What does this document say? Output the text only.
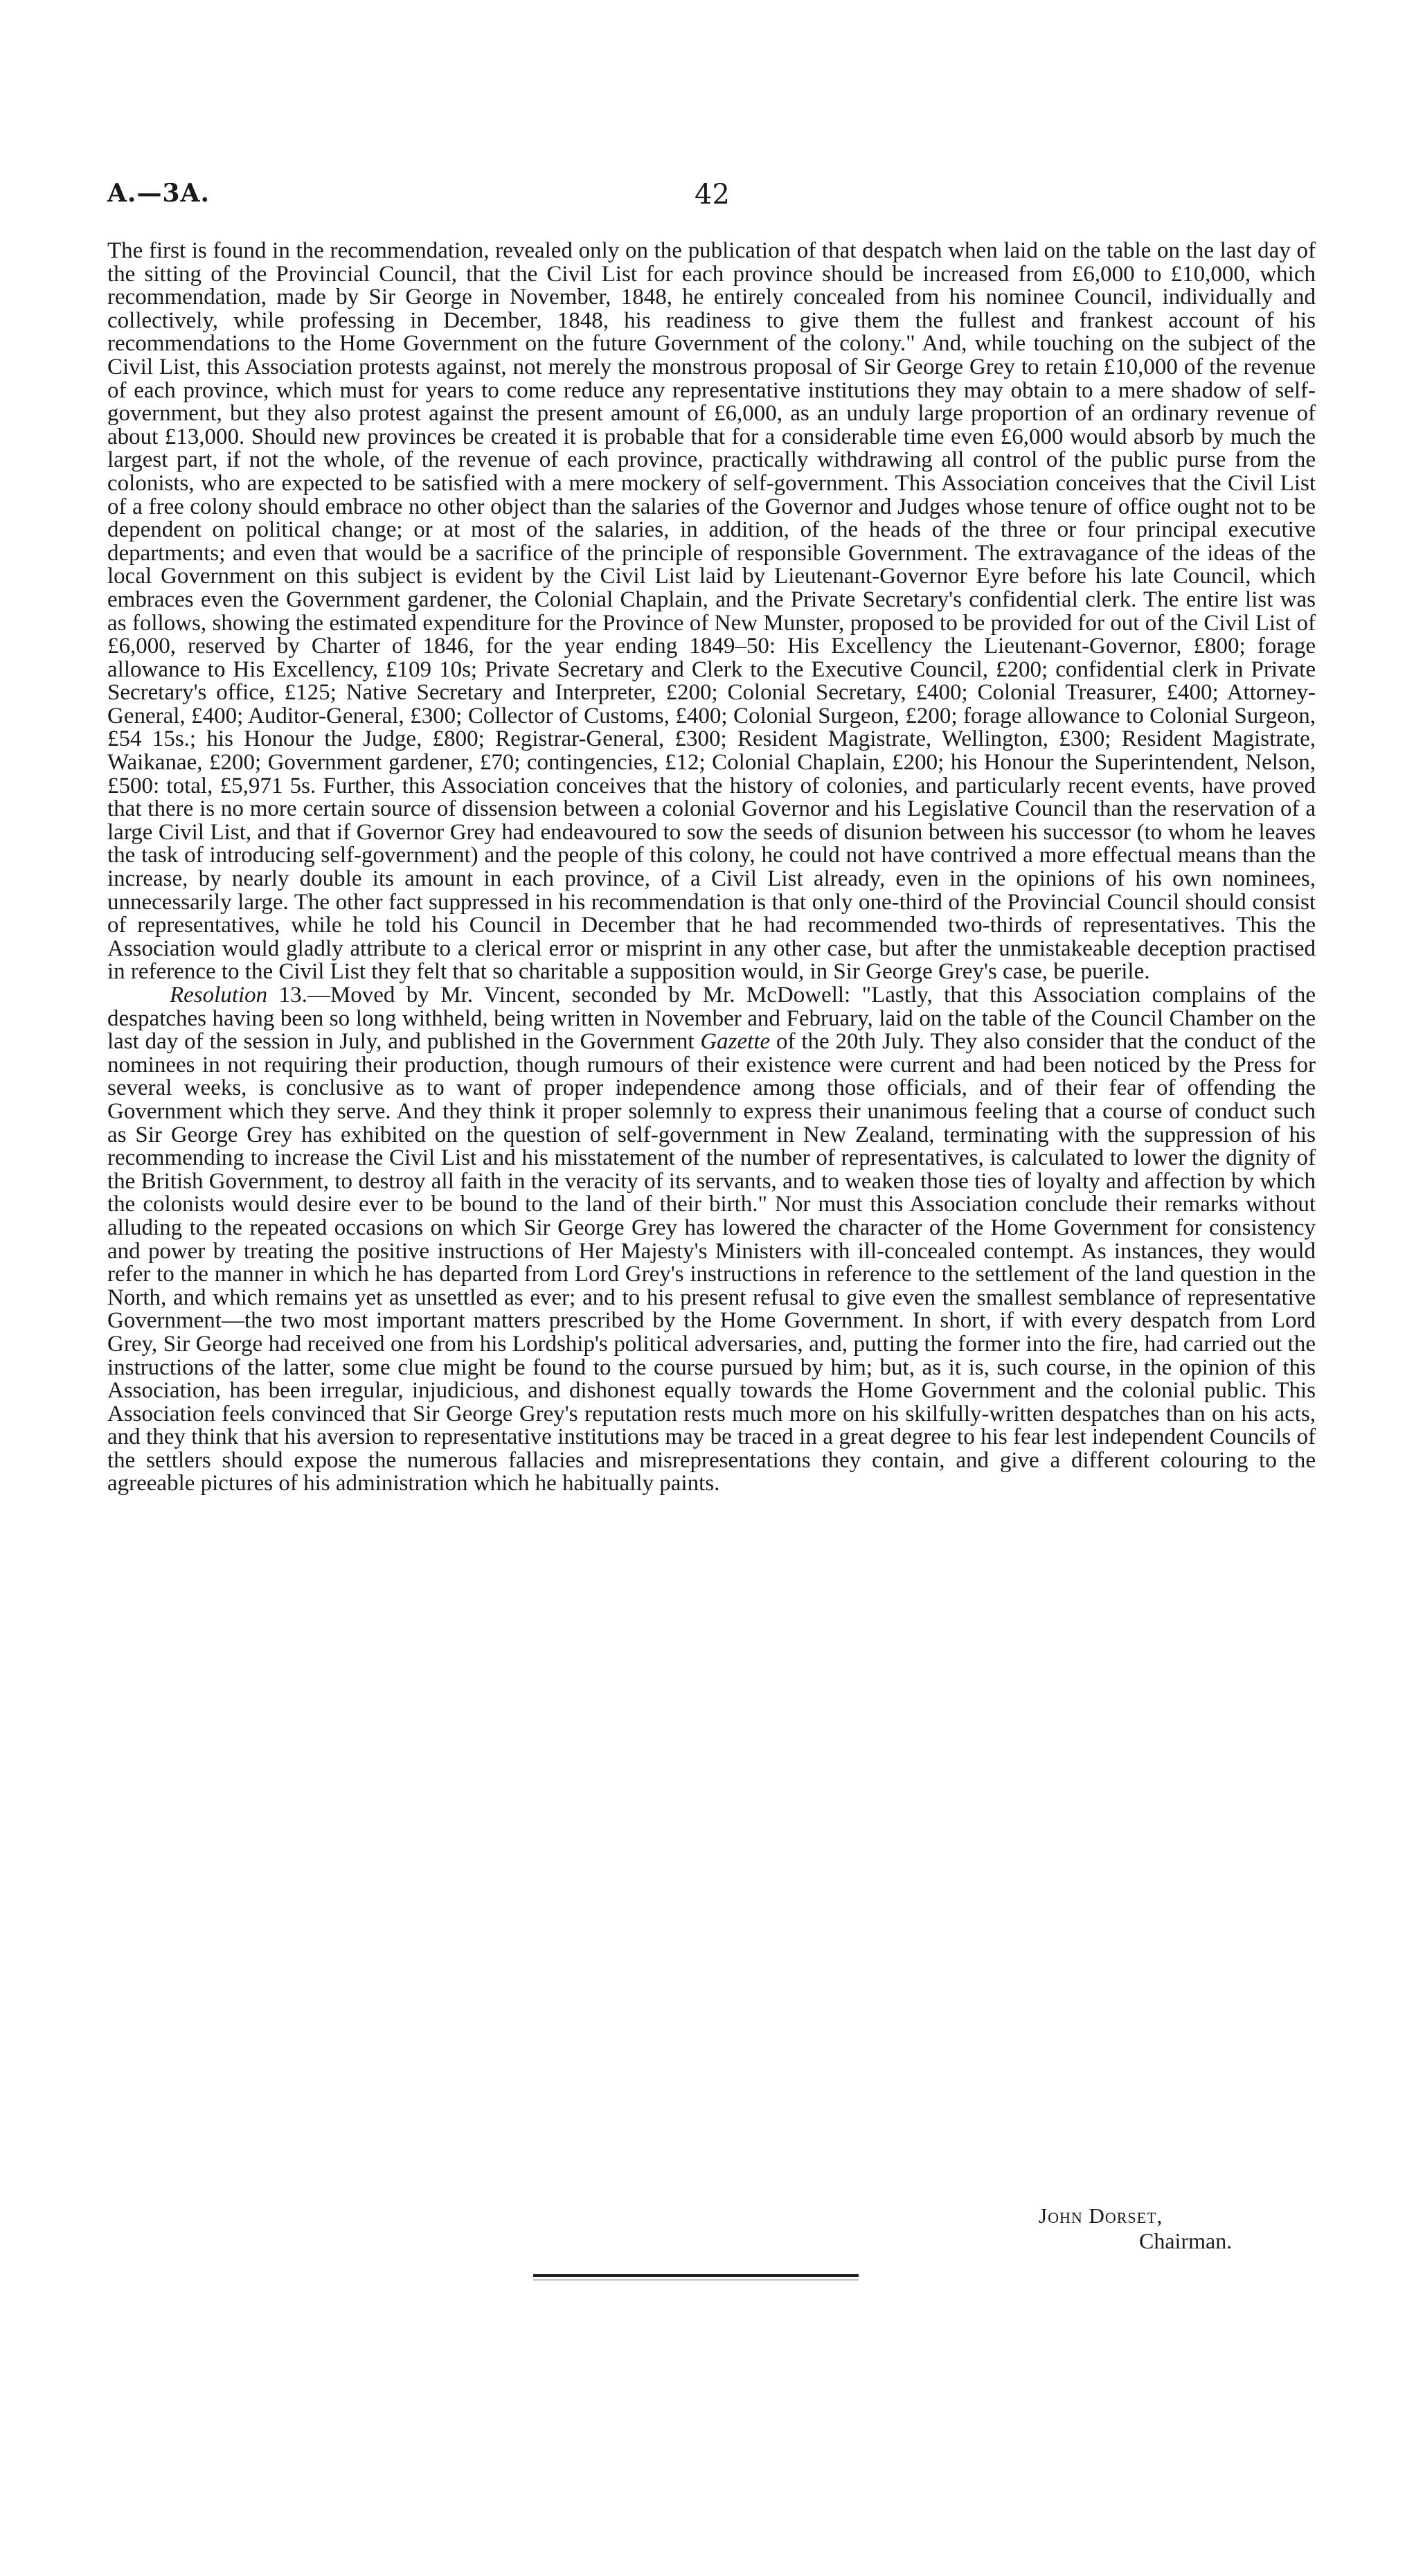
A.—3A.	42

The first is found in the recommendation, revealed only on the publication of that despatch when laid on the table on the last day of the sitting of the Provincial Council, that the Civil List for each province should be increased from £6,000 to £10,000, which recommendation, made by Sir George in November, 1848, he entirely concealed from his nominee Council, individually and collectively, while professing in December, 1848, his readiness to give them the fullest and frankest account of his recommendations to the Home Government on the future Government of the colony." And, while touching on the subject of the Civil List, this Association protests against, not merely the monstrous proposal of Sir George Grey to retain £10,000 of the revenue of each province, which must for years to come reduce any representative institutions they may obtain to a mere shadow of self-government, but they also protest against the present amount of £6,000, as an unduly large proportion of an ordinary revenue of about £13,000. Should new provinces be created it is probable that for a considerable time even £6,000 would absorb by much the largest part, if not the whole, of the revenue of each province, practically withdrawing all control of the public purse from the colonists, who are expected to be satisfied with a mere mockery of self-government. This Association conceives that the Civil List of a free colony should embrace no other object than the salaries of the Governor and Judges whose tenure of office ought not to be dependent on political change; or at most of the salaries, in addition, of the heads of the three or four principal executive departments; and even that would be a sacrifice of the principle of responsible Government. The extravagance of the ideas of the local Government on this subject is evident by the Civil List laid by Lieutenant-Governor Eyre before his late Council, which embraces even the Government gardener, the Colonial Chaplain, and the Private Secretary's confidential clerk. The entire list was as follows, showing the estimated expenditure for the Province of New Munster, proposed to be provided for out of the Civil List of £6,000, reserved by Charter of 1846, for the year ending 1849–50: His Excellency the Lieutenant-Governor, £800; forage allowance to His Excellency, £109 10s; Private Secretary and Clerk to the Executive Council, £200; confidential clerk in Private Secretary's office, £125; Native Secretary and Interpreter, £200; Colonial Secretary, £400; Colonial Treasurer, £400; Attorney-General, £400; Auditor-General, £300; Collector of Customs, £400; Colonial Surgeon, £200; forage allowance to Colonial Surgeon, £54 15s.; his Honour the Judge, £800; Registrar-General, £300; Resident Magistrate, Wellington, £300; Resident Magistrate, Waikanae, £200; Government gardener, £70; contingencies, £12; Colonial Chaplain, £200; his Honour the Superintendent, Nelson, £500: total, £5,971 5s. Further, this Association conceives that the history of colonies, and particularly recent events, have proved that there is no more certain source of dissension between a colonial Governor and his Legislative Council than the reservation of a large Civil List, and that if Governor Grey had endeavoured to sow the seeds of disunion between his successor (to whom he leaves the task of introducing self-government) and the people of this colony, he could not have contrived a more effectual means than the increase, by nearly double its amount in each province, of a Civil List already, even in the opinions of his own nominees, unnecessarily large. The other fact suppressed in his recommendation is that only one-third of the Provincial Council should consist of representatives, while he told his Council in December that he had recommended two-thirds of representatives. This the Association would gladly attribute to a clerical error or misprint in any other case, but after the unmistakeable deception practised in reference to the Civil List they felt that so charitable a supposition would, in Sir George Grey's case, be puerile.

Resolution 13.—Moved by Mr. Vincent, seconded by Mr. McDowell: "Lastly, that this Association complains of the despatches having been so long withheld, being written in November and February, laid on the table of the Council Chamber on the last day of the session in July, and published in the Government Gazette of the 20th July. They also consider that the conduct of the nominees in not requiring their production, though rumours of their existence were current and had been noticed by the Press for several weeks, is conclusive as to want of proper independence among those officials, and of their fear of offending the Government which they serve. And they think it proper solemnly to express their unanimous feeling that a course of conduct such as Sir George Grey has exhibited on the question of self-government in New Zealand, terminating with the suppression of his recommending to increase the Civil List and his misstatement of the number of representatives, is calculated to lower the dignity of the British Government, to destroy all faith in the veracity of its servants, and to weaken those ties of loyalty and affection by which the colonists would desire ever to be bound to the land of their birth." Nor must this Association conclude their remarks without alluding to the repeated occasions on which Sir George Grey has lowered the character of the Home Government for consistency and power by treating the positive instructions of Her Majesty's Ministers with ill-concealed contempt. As instances, they would refer to the manner in which he has departed from Lord Grey's instructions in reference to the settlement of the land question in the North, and which remains yet as unsettled as ever; and to his present refusal to give even the smallest semblance of representative Government—the two most important matters prescribed by the Home Government. In short, if with every despatch from Lord Grey, Sir George had received one from his Lordship's political adversaries, and, putting the former into the fire, had carried out the instructions of the latter, some clue might be found to the course pursued by him; but, as it is, such course, in the opinion of this Association, has been irregular, injudicious, and dishonest equally towards the Home Government and the colonial public. This Association feels convinced that Sir George Grey's reputation rests much more on his skilfully-written despatches than on his acts, and they think that his aversion to representative institutions may be traced in a great degree to his fear lest independent Councils of the settlers should expose the numerous fallacies and misrepresentations they contain, and give a different colouring to the agreeable pictures of his administration which he habitually paints.

John Dorset,
Chairman.
